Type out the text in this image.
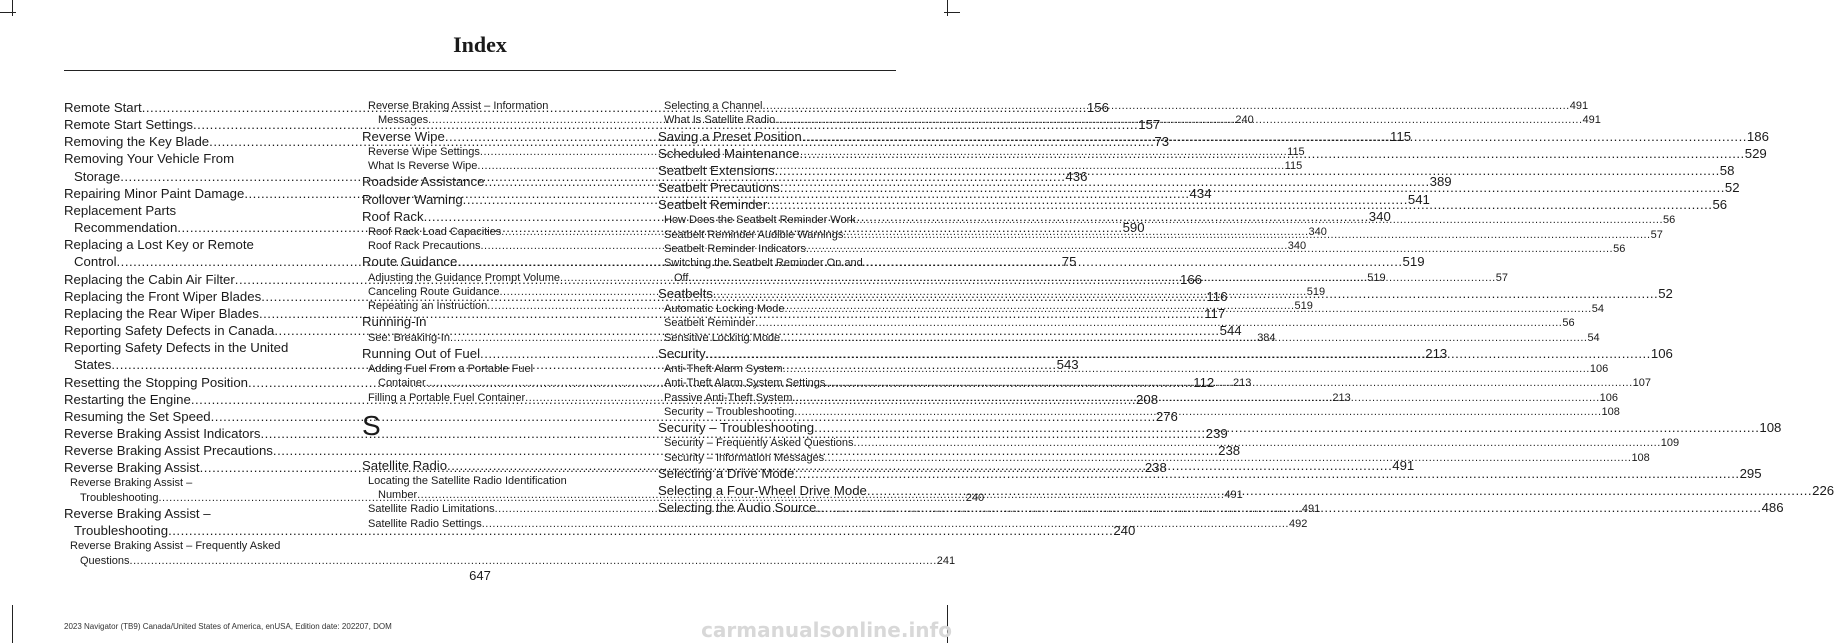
Index
Remote Start .....	156
Remote Start Settings .....	157
Removing the Key Blade .....	73
Removing Your Vehicle From
Storage .....	436
Repairing Minor Paint Damage .....	434
Replacement Parts
Recommendation .....	590
Replacing a Lost Key or Remote
Control .....	75
Replacing the Cabin Air Filter .....	166
Replacing the Front Wiper Blades .....	116
Replacing the Rear Wiper Blades .....	117
Reporting Safety Defects in Canada .....	544
Reporting Safety Defects in the United
States .....	543
Resetting the Stopping Position .....	112
Restarting the Engine .....	208
Resuming the Set Speed .....	276
Reverse Braking Assist Indicators .....	239
Reverse Braking Assist Precautions .....	238
Reverse Braking Assist .....	238
Reverse Braking Assist –
Troubleshooting .....	240
Reverse Braking Assist –
Troubleshooting .....	240
Reverse Braking Assist – Frequently Asked
Questions .....	241
Reverse Braking Assist – Information
Messages .....	240
Reverse Wipe .....	115
Reverse Wipe Settings .....	115
What Is Reverse Wipe .....	115
Roadside Assistance .....	389
Rollover Warning .....	541
Roof Rack .....	340
Roof Rack Load Capacities .....	340
Roof Rack Precautions .....	340
Route Guidance .....	519
Adjusting the Guidance Prompt Volume .....	519
Canceling Route Guidance .....	519
Repeating an Instruction .....	519
Running-In
See: Breaking-In .....	384
Running Out of Fuel .....	213
Adding Fuel From a Portable Fuel
Container .....	213
Filling a Portable Fuel Container .....	213
S
Satellite Radio .....	491
Locating the Satellite Radio Identification
Number .....	491
Satellite Radio Limitations .....	491
Satellite Radio Settings .....	492
Selecting a Channel .....	491
What Is Satellite Radio .....	491
Saving a Preset Position .....	186
Scheduled Maintenance .....	529
Seatbelt Extensions .....	58
Seatbelt Precautions .....	52
Seatbelt Reminder .....	56
How Does the Seatbelt Reminder Work .....	56
Seatbelt Reminder Audible Warnings .....	57
Seatbelt Reminder Indicators .....	56
Switching the Seatbelt Reminder On and
Off .....	57
Seatbelts .....	52
Automatic Locking Mode .....	54
Seatbelt Reminder .....	56
Sensitive Locking Mode .....	54
Security .....	106
Anti-Theft Alarm System .....	106
Anti-Theft Alarm System Settings .....	107
Passive Anti-Theft System .....	106
Security – Troubleshooting .....	108
Security – Troubleshooting .....	108
Security – Frequently Asked Questions .....	109
Security – Information Messages .....	108
Selecting a Drive Mode .....	295
Selecting a Four-Wheel Drive Mode .....	226
Selecting the Audio Source .....	486
647
2023 Navigator (TB9) Canada/United States of America, enUSA, Edition date: 202207, DOM	carmanualsonline.info
